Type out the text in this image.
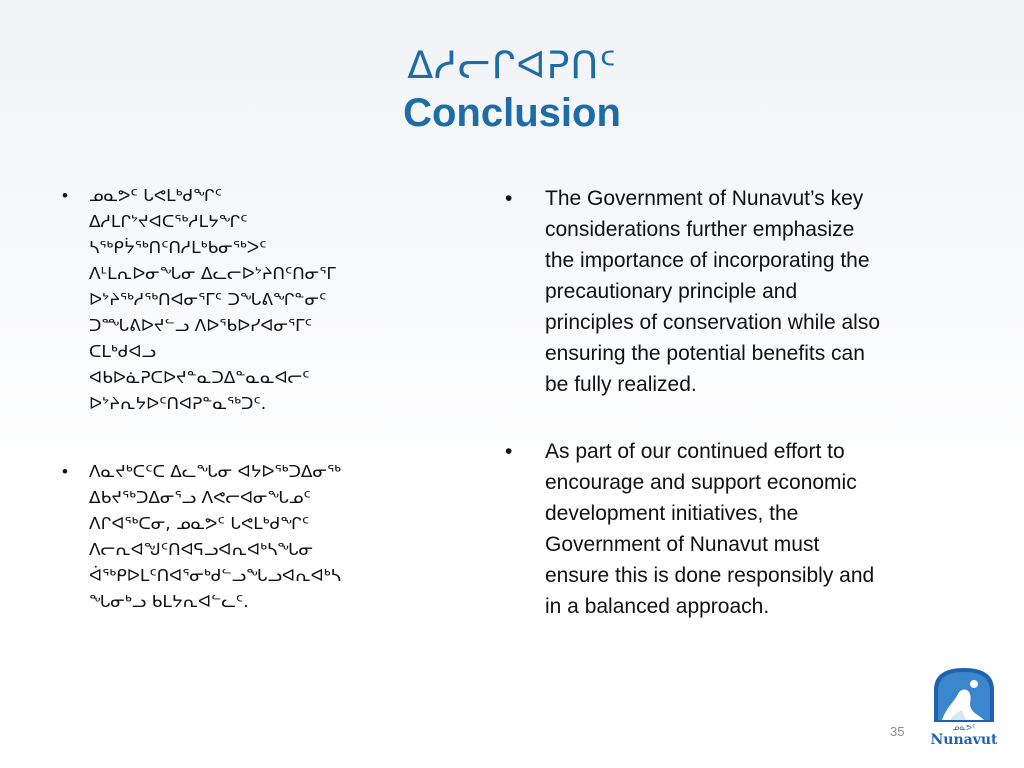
ᐃᓱᓕᒋᐊᕈᑎᑦ
Conclusion
• ᓄᓇᕗᑦ ᒐᕙᒪᒃᑯᖏᑦ
ᐃᓱᒪᒋᔾᔪᐊᑕᖅᓱᒪᔭᖏᑦ
ᓴᖅᑭᔮᖅᑎᑦᑎᓱᒪᒃᑲᓂᖅᐳᑦ
ᐱᒻᒪᕆᐅᓂᖓᓂ ᐃᓚᓕᐅᔾᔨᑎᑦᑎᓂᕐᒥ
ᐅᔾᔨᖅᓱᖅᑎᐊᓂᕐᒥᑦ ᑐᖓᕕᖏᓐᓂᑦ
ᑐᙵᕕᐅᔪᓪᓗ ᐱᐅᖃᐅᓯᐊᓂᕐᒥᑦ
ᑕᒪᒃᑯᐊᓗ
ᐊᑲᐅᓈᕈᑕᐅᔪᓐᓇᑐᐃᓐᓇᓇᐊᓕᑦ
ᐅᔾᔨᕆᔭᐅᑦᑎᐊᕈᓐᓇᖅᑐᑦ.
• ᐱᓇᔪᒃᑕᑦᑕ ᐃᓚᖓᓂ ᐊᔭᐅᖅᑐᐃᓂᖅ
ᐃᑲᔪᖅᑐᐃᓂᕐᓗ ᐱᕙᓕᐊᓂᖓᓄᑦ
ᐱᒋᐊᖅᑕᓂ, ᓄᓇᕗᑦ ᒐᕙᒪᒃᑯᖏᑦ
ᐱᓕᕆᐊᖑᑦᑎᐊᕋᓗᐊᕆᐊᒃᓴᖓᓂ
ᐋᖅᑭᐅᒪᑦᑎᐊᕐᓂᒃᑯᓪᓗᖓᓗᐊᕆᐊᒃᓴ
ᖓᓂᒃᓗ ᑲᒪᔭᕆᐊᓪᓚᑦ.
• The Government of Nunavut’s key
considerations further emphasize
the importance of incorporating the
precautionary principle and
principles of conservation while also
ensuring the potential benefits can
be fully realized.
• As part of our continued effort to
encourage and support economic
development initiatives, the
Government of Nunavut must
ensure this is done responsibly and
in a balanced approach.
35	ᓄᓇᕗᑦ
Nunavut
